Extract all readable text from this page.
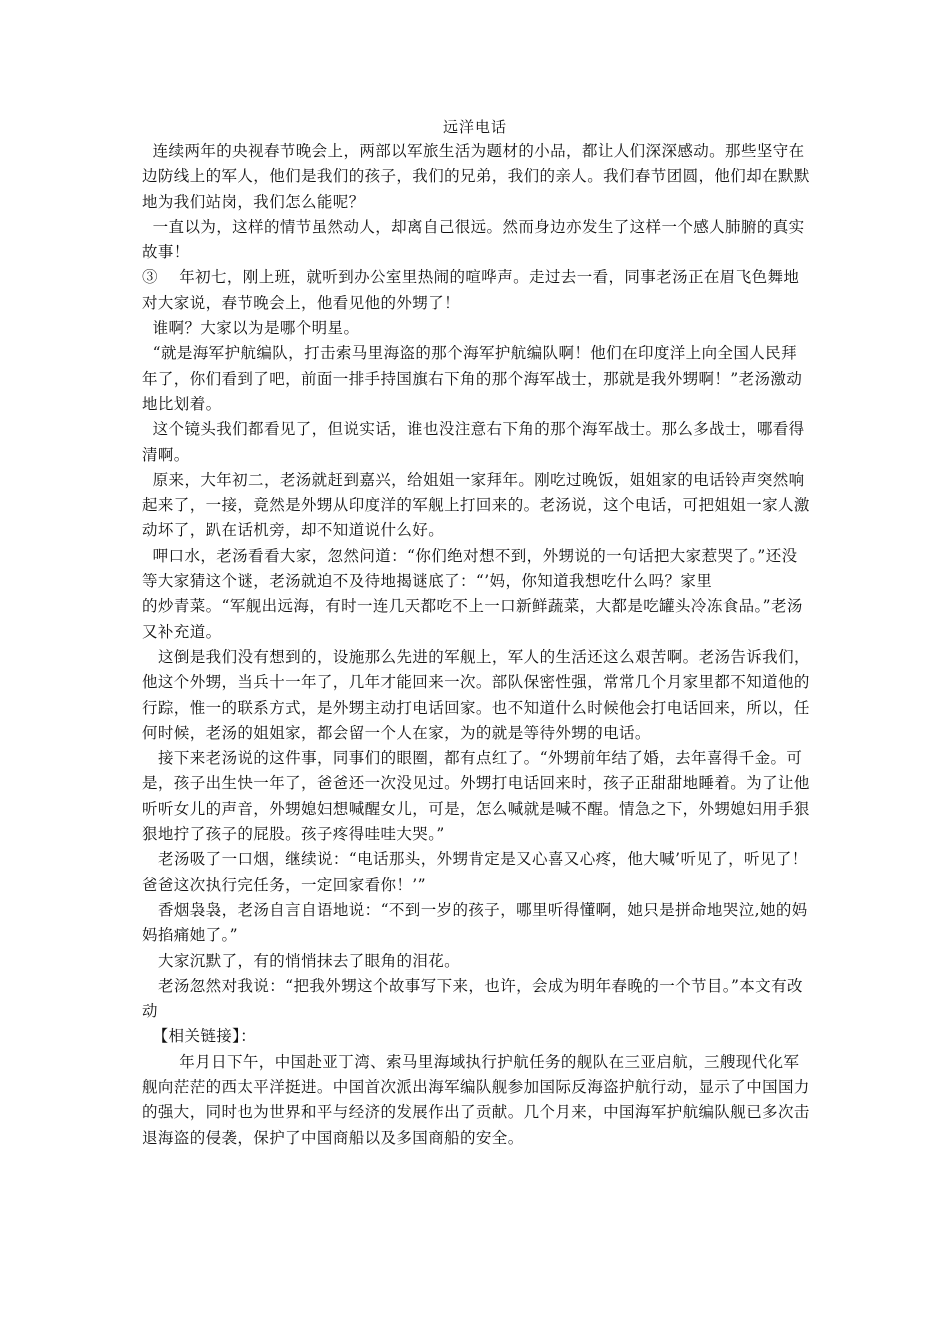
远洋电话

连续两年的央视春节晚会上，两部以军旅生活为题材的小品，都让人们深深感动。那些坚守在边防线上的军人，他们是我们的孩子，我们的兄弟，我们的亲人。我们春节团圆，他们却在默默地为我们站岗，我们怎么能呢？

一直以为，这样的情节虽然动人，却离自己很远。然而身边亦发生了这样一个感人肺腑的真实故事！

③    年初七，刚上班，就听到办公室里热闹的喧哗声。走过去一看，同事老汤正在眉飞色舞地对大家说，春节晚会上，他看见他的外甥了！

谁啊？大家以为是哪个明星。

“就是海军护航编队，打击索马里海盗的那个海军护航编队啊！他们在印度洋上向全国人民拜年了，你们看到了吧，前面一排手持国旗右下角的那个海军战士，那就是我外甥啊！”老汤激动地比划着。

这个镜头我们都看见了，但说实话，谁也没注意右下角的那个海军战士。那么多战士，哪看得清啊。

原来，大年初二，老汤就赶到嘉兴，给姐姐一家拜年。刚吃过晚饭，姐姐家的电话铃声突然响起来了，一接，竟然是外甥从印度洋的军舰上打回来的。老汤说，这个电话，可把姐姐一家人激动坏了，趴在话机旁，却不知道说什么好。

呷口水，老汤看看大家，忽然问道：“你们绝对想不到，外甥说的一句话把大家惹哭了。”还没等大家猜这个谜，老汤就迫不及待地揭谜底了：“’妈，你知道我想吃什么吗？家里

的炒青菜。“军舰出远海，有时一连几天都吃不上一口新鲜蔬菜，大都是吃罐头冷冻食品。”老汤又补充道。

这倒是我们没有想到的，设施那么先进的军舰上，军人的生活还这么艰苦啊。老汤告诉我们，他这个外甥，当兵十一年了，几年才能回来一次。部队保密性强，常常几个月家里都不知道他的行踪，惟一的联系方式，是外甥主动打电话回家。也不知道什么时候他会打电话回来，所以，任何时候，老汤的姐姐家，都会留一个人在家，为的就是等待外甥的电话。

接下来老汤说的这件事，同事们的眼圈，都有点红了。“外甥前年结了婚，去年喜得千金。可是，孩子出生快一年了，爸爸还一次没见过。外甥打电话回来时，孩子正甜甜地睡着。为了让他听听女儿的声音，外甥媳妇想喊醒女儿，可是，怎么喊就是喊不醒。情急之下，外甥媳妇用手狠狠地拧了孩子的屁股。孩子疼得哇哇大哭。”

老汤吸了一口烟，继续说：“电话那头，外甥肯定是又心喜又心疼，他大喊’听见了，听见了！爸爸这次执行完任务，一定回家看你！’”

香烟袅袅，老汤自言自语地说：“不到一岁的孩子，哪里听得懂啊，她只是拼命地哭泣,她的妈妈掐痛她了。”

大家沉默了，有的悄悄抹去了眼角的泪花。

老汤忽然对我说：“把我外甥这个故事写下来，也许，会成为明年春晚的一个节目。”本文有改动

【相关链接】：

年月日下午，中国赴亚丁湾、索马里海域执行护航任务的舰队在三亚启航，三艘现代化军舰向茫茫的西太平洋挺进。中国首次派出海军编队舰参加国际反海盗护航行动，显示了中国国力的强大，同时也为世界和平与经济的发展作出了贡献。几个月来，中国海军护航编队舰已多次击退海盗的侵袭，保护了中国商船以及多国商船的安全。
